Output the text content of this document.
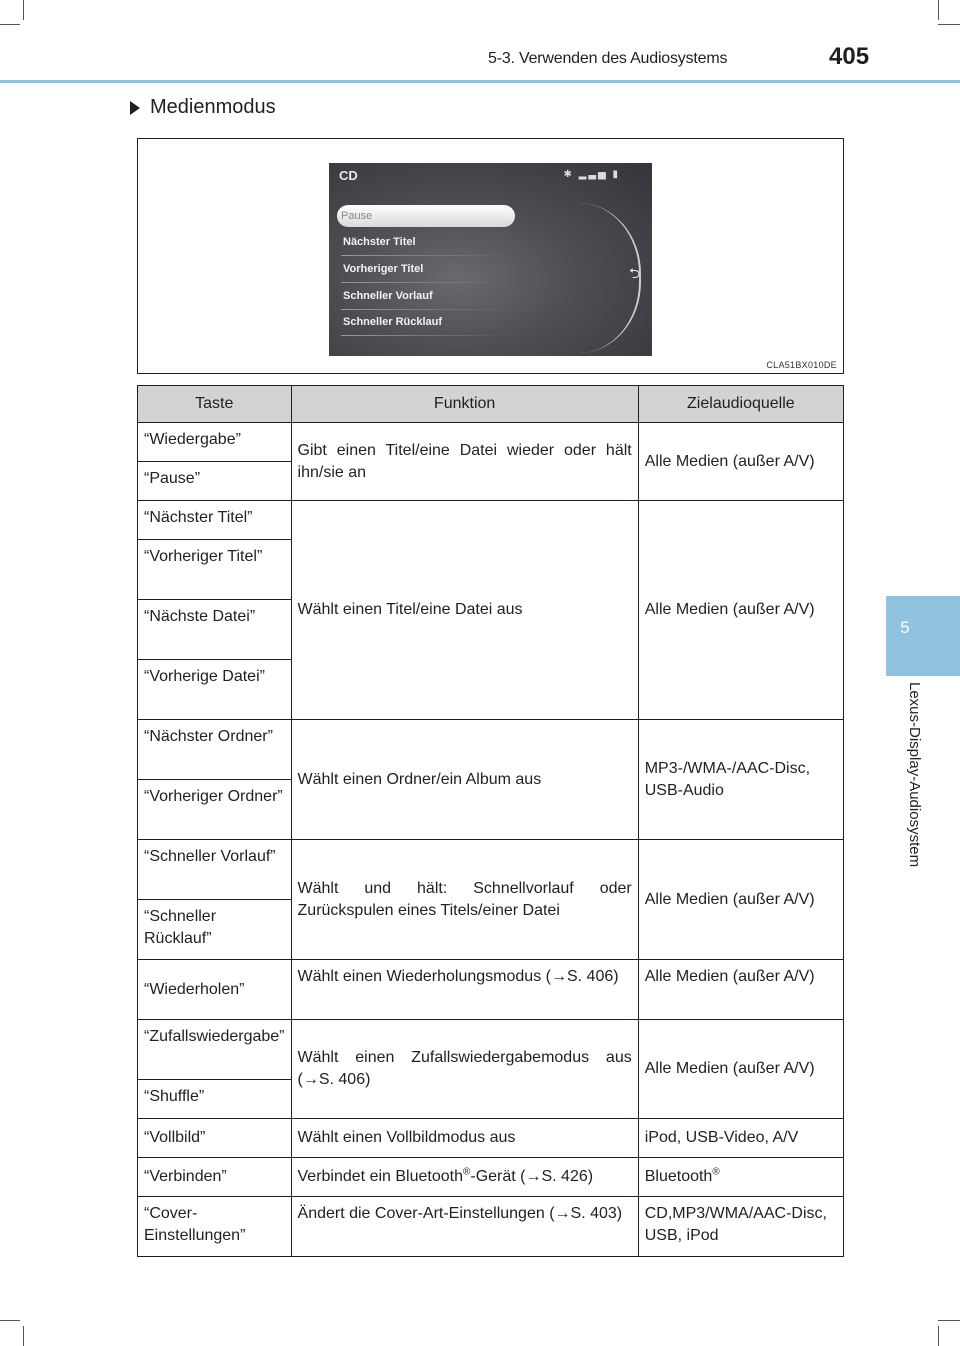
5-3. Verwenden des Audiosystems	405
5
Lexus-Display-Audiosystem
Medienmodus
CD	✱ ▂▃▅ ▮
Pause
Nächster Titel
Vorheriger Titel
Schneller Vorlauf
Schneller Rücklauf
⮌
CLA51BX010DE
Taste	Funktion	Zielaudioquelle
“Wiedergabe”	Gibt einen Titel/eine Datei wieder oder hält ihn/sie an	Alle Medien (außer A/V)
“Pause”		
“Nächster Titel”	Wählt einen Titel/eine Datei aus	Alle Medien (außer A/V)
“Vorheriger Titel”		
“Nächste Datei”		
“Vorherige Datei”		
“Nächster Ordner”	Wählt einen Ordner/ein Album aus	MP3-/WMA-/AAC-Disc, USB-Audio
“Vorheriger Ordner”		
“Schneller Vorlauf”	Wählt und hält: Schnellvorlauf oder Zurückspulen eines Titels/einer Datei	Alle Medien (außer A/V)
“Schneller Rücklauf”		
“Wiederholen”	Wählt einen Wiederholungsmodus (→S. 406)	Alle Medien (außer A/V)
“Zufallswiedergabe”	Wählt einen Zufallswiedergabemodus aus (→S. 406)	Alle Medien (außer A/V)
“Shuffle”		
“Vollbild”	Wählt einen Vollbildmodus aus	iPod, USB-Video, A/V
“Verbinden”	Verbindet ein Bluetooth®-Gerät (→S. 426)	Bluetooth®
“Cover-Einstellungen”	Ändert die Cover-Art-Einstellungen (→S. 403)	CD,MP3/WMA/AAC-Disc, USB, iPod
